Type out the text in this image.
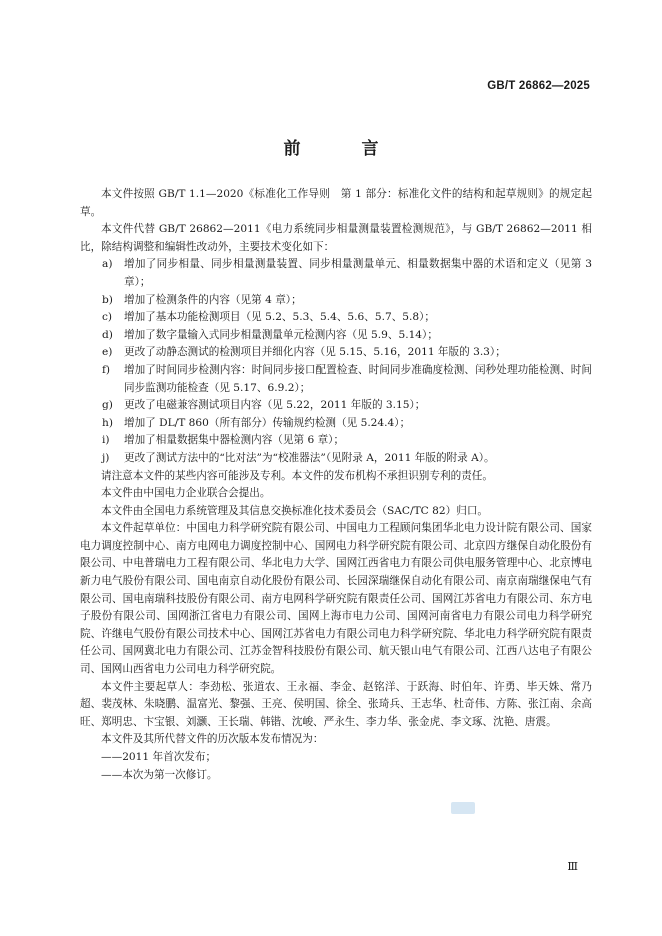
GB/T 26862—2025
前　言

本文件按照 GB/T 1.1—2020《标准化工作导则　第 1 部分：标准化文件的结构和起草规则》的规定起草。

本文件代替 GB/T 26862—2011《电力系统同步相量测量装置检测规范》，与 GB/T 26862—2011 相比，除结构调整和编辑性改动外，主要技术变化如下：

a)	增加了同步相量、同步相量测量装置、同步相量测量单元、相量数据集中器的术语和定义（见第 3 章）；
b)	增加了检测条件的内容（见第 4 章）；
c)	增加了基本功能检测项目（见 5.2、5.3、5.4、5.6、5.7、5.8）；
d)	增加了数字量输入式同步相量测量单元检测内容（见 5.9、5.14）；
e)	更改了动静态测试的检测项目并细化内容（见 5.15、5.16，2011 年版的 3.3）；
f)	增加了时间同步检测内容：时间同步接口配置检查、时间同步准确度检测、闰秒处理功能检测、时间同步监测功能检查（见 5.17、6.9.2）；
g)	更改了电磁兼容测试项目内容（见 5.22，2011 年版的 3.15）；
h)	增加了 DL/T 860（所有部分）传输规约检测（见 5.24.4）；
i)	增加了相量数据集中器检测内容（见第 6 章）；
j)	更改了测试方法中的“比对法”为“校准器法”（见附录 A，2011 年版的附录 A）。

请注意本文件的某些内容可能涉及专利。本文件的发布机构不承担识别专利的责任。

本文件由中国电力企业联合会提出。

本文件由全国电力系统管理及其信息交换标准化技术委员会（SAC/TC 82）归口。

本文件起草单位：中国电力科学研究院有限公司、中国电力工程顾问集团华北电力设计院有限公司、国家电力调度控制中心、南方电网电力调度控制中心、国网电力科学研究院有限公司、北京四方继保自动化股份有限公司、中电普瑞电力工程有限公司、华北电力大学、国网江西省电力有限公司供电服务管理中心、北京博电新力电气股份有限公司、国电南京自动化股份有限公司、长园深瑞继保自动化有限公司、南京南瑞继保电气有限公司、国电南瑞科技股份有限公司、南方电网科学研究院有限责任公司、国网江苏省电力有限公司、东方电子股份有限公司、国网浙江省电力有限公司、国网上海市电力公司、国网河南省电力有限公司电力科学研究院、许继电气股份有限公司技术中心、国网江苏省电力有限公司电力科学研究院、华北电力科学研究院有限责任公司、国网冀北电力有限公司、江苏金智科技股份有限公司、航天银山电气有限公司、江西八达电子有限公司、国网山西省电力公司电力科学研究院。

本文件主要起草人：李劲松、张道农、王永福、李金、赵铭洋、于跃海、时伯年、许勇、毕天姝、常乃超、裴茂林、朱晓鹏、温富光、黎强、王亮、侯明国、徐全、张琦兵、王志华、杜奇伟、方陈、张江南、余高旺、郑明忠、卞宝银、刘灏、王长瑞、韩锴、沈峻、严永生、李力华、张金虎、李文琢、沈艳、唐震。

本文件及其所代替文件的历次版本发布情况为：

——2011 年首次发布；

——本次为第一次修订。

Ⅲ
